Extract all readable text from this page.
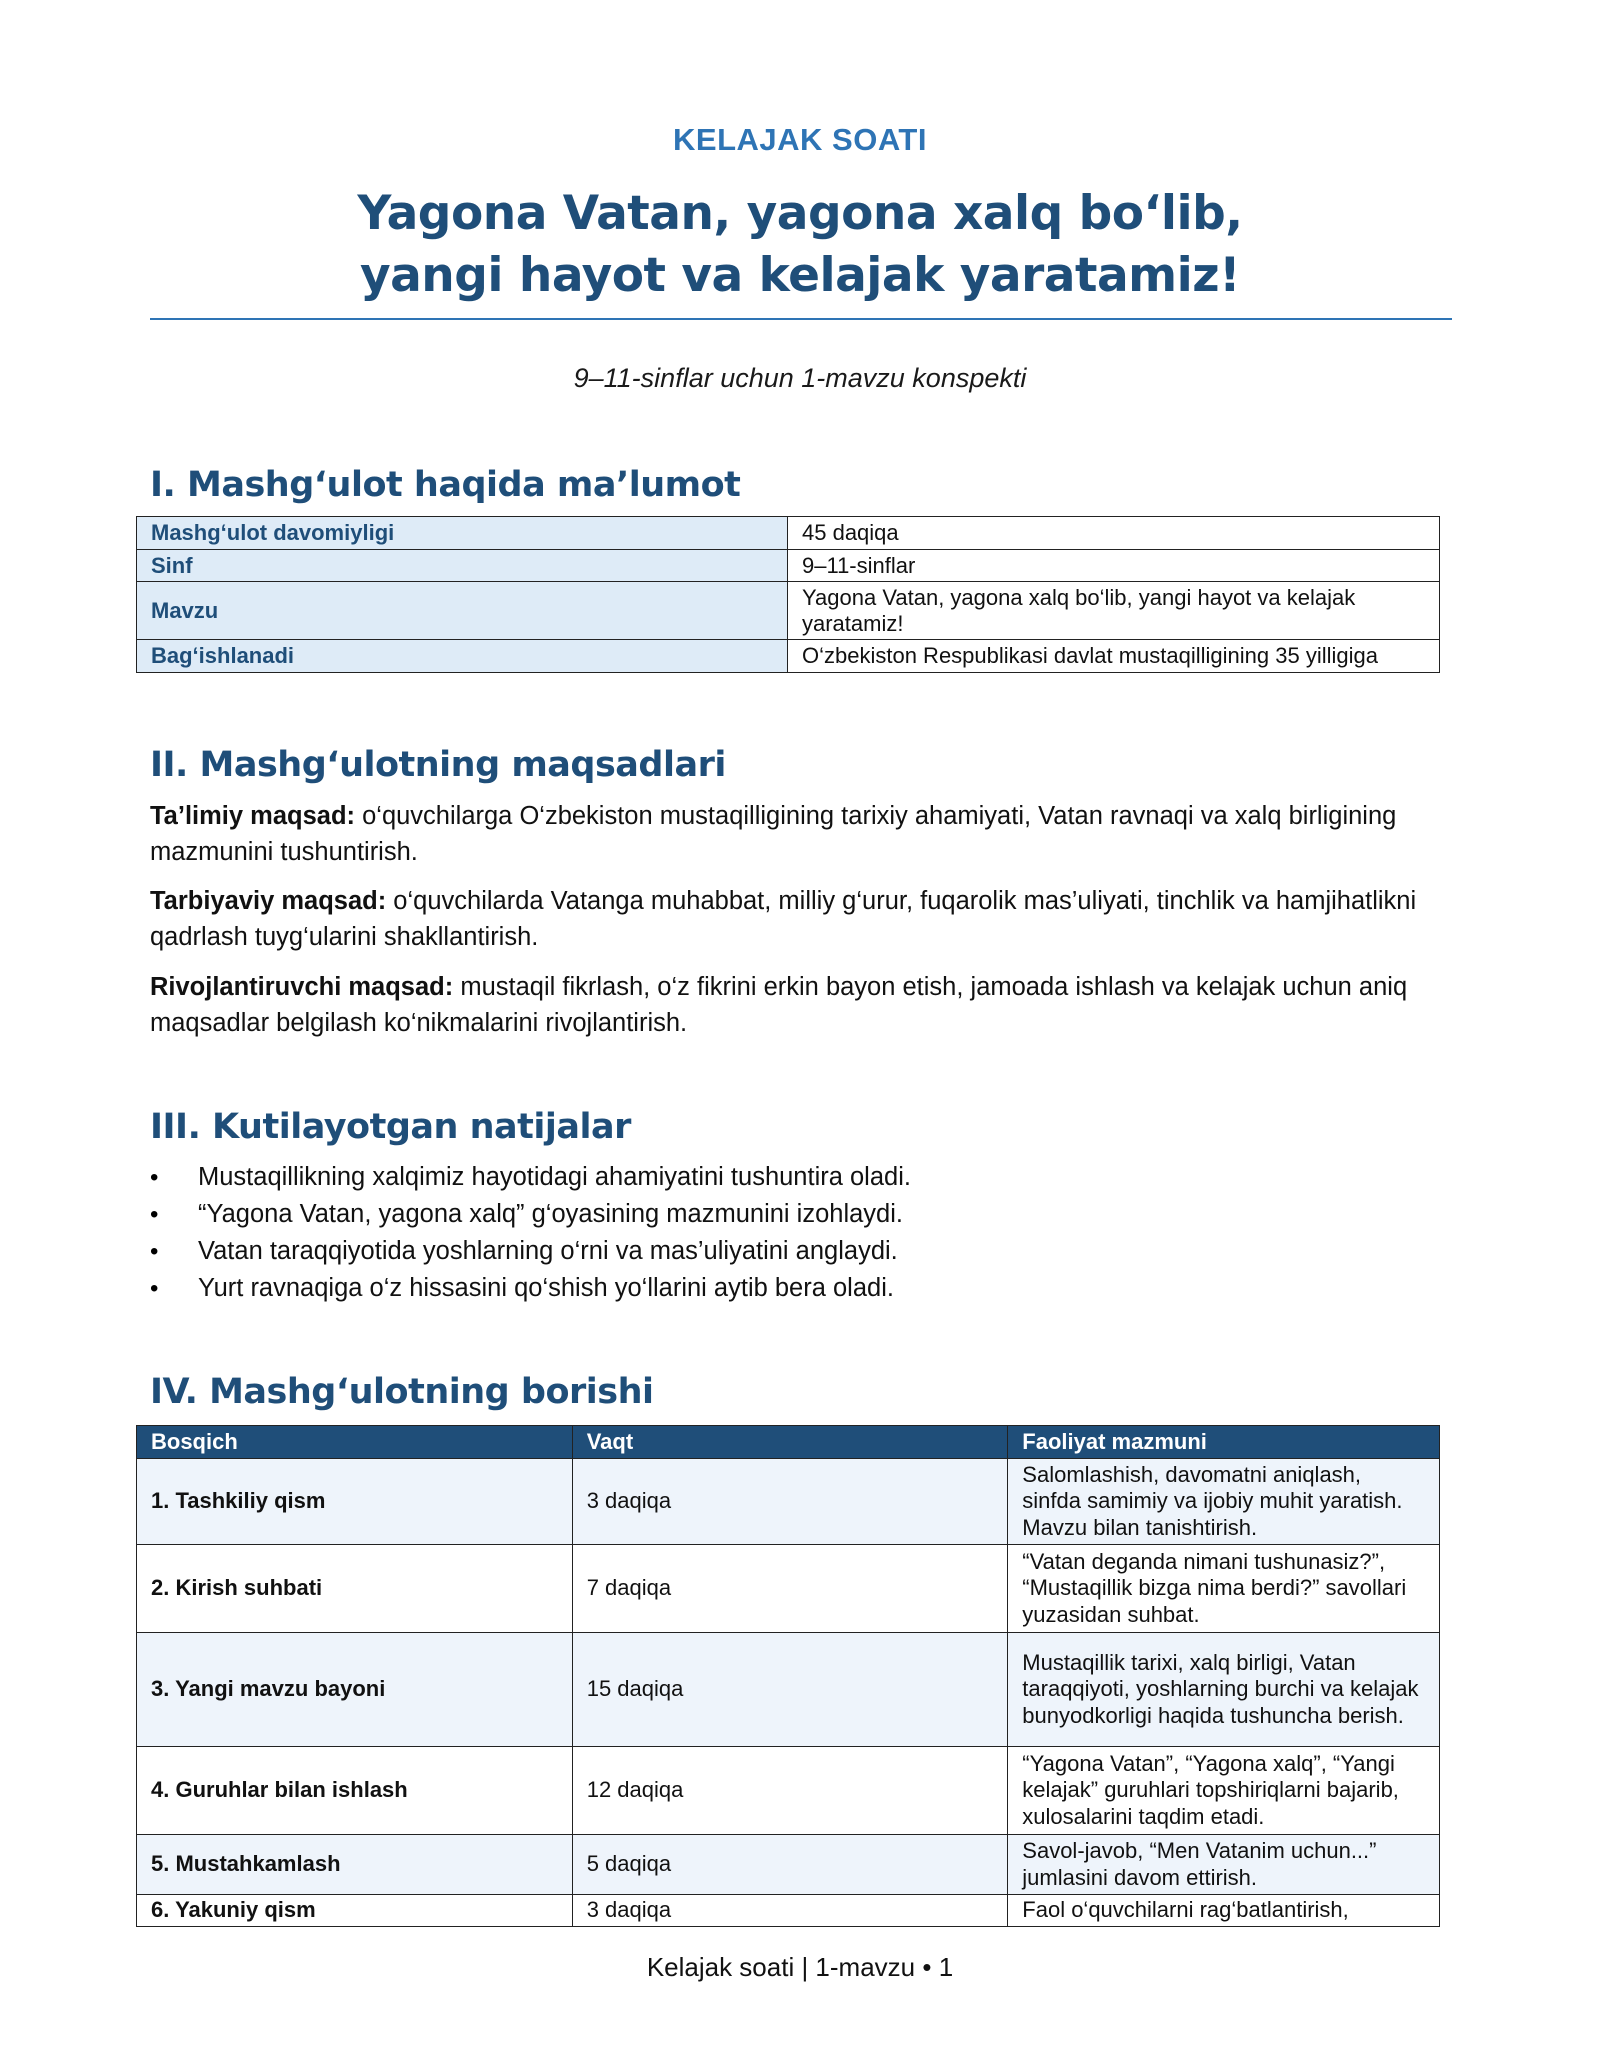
KELAJAK SOATI
Yagona Vatan, yagona xalq bo‘lib,
yangi hayot va kelajak yaratamiz!
9–11-sinflar uchun 1-mavzu konspekti
I. Mashg‘ulot haqida ma’lumot
Mashg‘ulot davomiyligi	45 daqiqa
Sinf	9–11-sinflar
Mavzu	Yagona Vatan, yagona xalq bo‘lib, yangi hayot va kelajak yaratamiz!
Bag‘ishlanadi	O‘zbekiston Respublikasi davlat mustaqilligining 35 yilligiga
II. Mashg‘ulotning maqsadlari
Ta’limiy maqsad: o‘quvchilarga O‘zbekiston mustaqilligining tarixiy ahamiyati, Vatan ravnaqi va xalq birligining mazmunini tushuntirish.
Tarbiyaviy maqsad: o‘quvchilarda Vatanga muhabbat, milliy g‘urur, fuqarolik mas’uliyati, tinchlik va hamjihatlikni qadrlash tuyg‘ularini shakllantirish.
Rivojlantiruvchi maqsad: mustaqil fikrlash, o‘z fikrini erkin bayon etish, jamoada ishlash va kelajak uchun aniq maqsadlar belgilash ko‘nikmalarini rivojlantirish.
III. Kutilayotgan natijalar
• Mustaqillikning xalqimiz hayotidagi ahamiyatini tushuntira oladi.
• “Yagona Vatan, yagona xalq” g‘oyasining mazmunini izohlaydi.
• Vatan taraqqiyotida yoshlarning o‘rni va mas’uliyatini anglaydi.
• Yurt ravnaqiga o‘z hissasini qo‘shish yo‘llarini aytib bera oladi.
IV. Mashg‘ulotning borishi
Bosqich	Vaqt	Faoliyat mazmuni
1. Tashkiliy qism	3 daqiqa	Salomlashish, davomatni aniqlash, sinfda samimiy va ijobiy muhit yaratish. Mavzu bilan tanishtirish.
2. Kirish suhbati	7 daqiqa	“Vatan deganda nimani tushunasiz?”, “Mustaqillik bizga nima berdi?” savollari yuzasidan suhbat.
3. Yangi mavzu bayoni	15 daqiqa	Mustaqillik tarixi, xalq birligi, Vatan taraqqiyoti, yoshlarning burchi va kelajak bunyodkorligi haqida tushuncha berish.
4. Guruhlar bilan ishlash	12 daqiqa	“Yagona Vatan”, “Yagona xalq”, “Yangi kelajak” guruhlari topshiriqlarni bajarib, xulosalarini taqdim etadi.
5. Mustahkamlash	5 daqiqa	Savol-javob, “Men Vatanim uchun...” jumlasini davom ettirish.
6. Yakuniy qism	3 daqiqa	Faol o‘quvchilarni rag‘batlantirish,
Kelajak soati | 1-mavzu • 1
